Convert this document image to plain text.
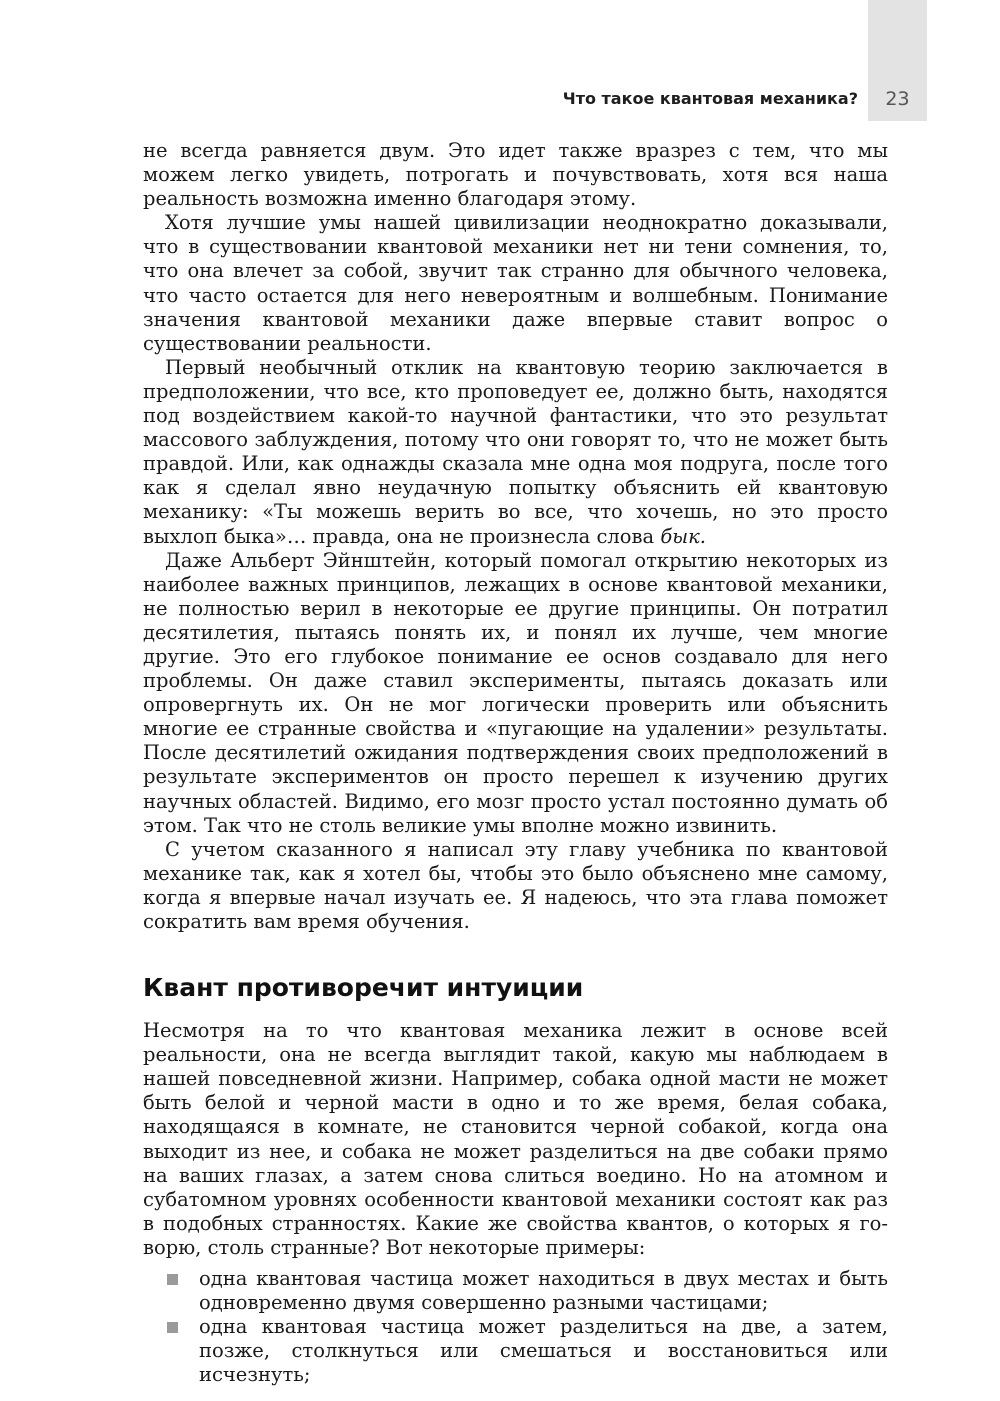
Что такое квантовая механика?	23

не всегда равняется двум. Это идет также вразрез с тем, что мы можем легко увидеть, потрогать и почувствовать, хотя вся наша реальность возможна именно благодаря этому.

Хотя лучшие умы нашей цивилизации неоднократно доказывали, что в существовании квантовой механики нет ни тени сомнения, то, что она влечет за собой, звучит так странно для обычного человека, что часто остается для него невероятным и волшебным. Понимание значения квантовой механики даже впервые ставит вопрос о существовании реальности.

Первый необычный отклик на квантовую теорию заключается в предположении, что все, кто проповедует ее, должно быть, находятся под воздействием какой-то научной фантастики, что это результат массового заблуждения, потому что они говорят то, что не может быть правдой. Или, как однажды сказала мне одна моя подруга, после того как я сделал явно неудачную попытку объяснить ей квантовую механику: «Ты можешь верить во все, что хочешь, но это просто выхлоп быка»… правда, она не произнесла слова бык.

Даже Альберт Эйнштейн, который помогал открытию некоторых из наиболее важных принципов, лежащих в основе квантовой механики, не полностью верил в некоторые ее другие принципы. Он потратил десятилетия, пытаясь понять их, и понял их лучше, чем многие другие. Это его глубокое понимание ее основ создавало для него проблемы. Он даже ставил эксперименты, пытаясь доказать или опровергнуть их. Он не мог логически проверить или объяснить многие ее странные свойства и «пугающие на удалении» результаты. После десятилетий ожидания подтверждения своих предположений в результате экспериментов он просто перешел к изучению других научных областей. Видимо, его мозг просто устал постоянно думать об этом. Так что не столь великие умы вполне можно извинить.

С учетом сказанного я написал эту главу учебника по квантовой механике так, как я хотел бы, чтобы это было объяснено мне самому, когда я впервые начал изучать ее. Я надеюсь, что эта глава поможет сократить вам время обучения.

Квант противоречит интуиции

Несмотря на то что квантовая механика лежит в основе всей реальности, она не всегда выглядит такой, какую мы наблюдаем в нашей повседневной жизни. Например, собака одной масти не может быть белой и черной масти в одно и то же время, белая собака, находящаяся в комнате, не становится черной собакой, когда она выходит из нее, и собака не может разделиться на две собаки прямо на ваших глазах, а затем снова слиться воедино. Но на атомном и субатомном уровнях особенности квантовой механики состоят как раз в подобных странностях. Какие же свойства квантов, о которых я говорю, столь странные? Вот некоторые примеры:

одна квантовая частица может находиться в двух местах и быть одновременно двумя совершенно разными частицами;
одна квантовая частица может разделиться на две, а затем, позже, столкнуться или смешаться и восстановиться или исчезнуть;
